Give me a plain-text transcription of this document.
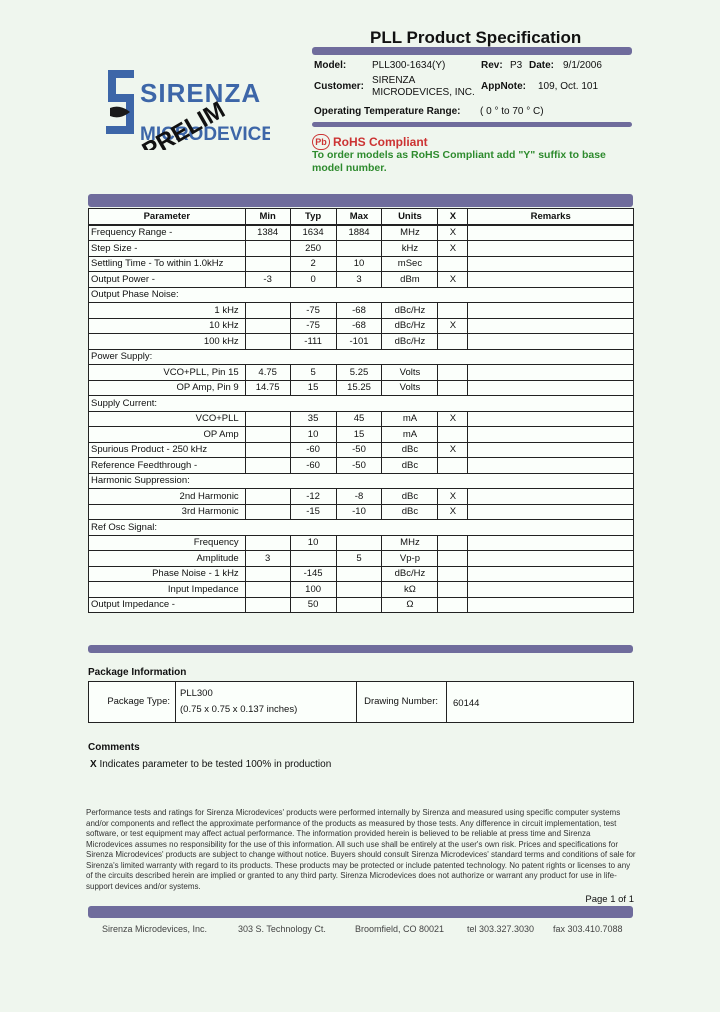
PLL Product Specification
SIRENZA
MICRODEVICE
PRELIM
Model:	PLL300-1634(Y)	Rev: P3 Date: 9/1/2006
Customer:
SIRENZA
MICRODEVICES, INC.
AppNote: 109, Oct. 101
Operating Temperature Range: ( 0 ° to 70 ° C)
Pb RoHS Compliant
To order models as RoHS Compliant add "Y" suffix to base model number.
Parameter	Min	Typ	Max	Units	X	Remarks
Frequency Range -	1384	1634	1884	MHz	X	
Step Size -		250		kHz	X	
Settling Time - To within 1.0kHz		2	10	mSec		
Output Power -	-3	0	3	dBm	X	
Output Phase Noise:						
1 kHz		-75	-68	dBc/Hz		
10 kHz		-75	-68	dBc/Hz	X	
100 kHz		-111	-101	dBc/Hz		
Power Supply:						
VCO+PLL, Pin 15	4.75	5	5.25	Volts		
OP Amp, Pin 9	14.75	15	15.25	Volts		
Supply Current:						
VCO+PLL		35	45	mA	X	
OP Amp		10	15	mA		
Spurious Product - 250 kHz		-60	-50	dBc	X	
Reference Feedthrough -		-60	-50	dBc		
Harmonic Suppression:						
2nd Harmonic		-12	-8	dBc	X	
3rd Harmonic		-15	-10	dBc	X	
Ref Osc Signal:						
Frequency		10		MHz		
Amplitude	3		5	Vp-p		
Phase Noise - 1 kHz		-145		dBc/Hz		
Input Impedance		100		kΩ		
Output Impedance -		50		Ω		
Package Information
Package Type:
PLL300
(0.75 x 0.75 x 0.137 inches)
Drawing Number: 60144
Comments
X Indicates parameter to be tested 100% in production
Performance tests and ratings for Sirenza Microdevices' products were performed internally by Sirenza and measured using specific computer systems and/or components and reflect the approximate performance of the products as measured by those tests. Any difference in circuit implementation, test software, or test equipment may affect actual performance. The information provided herein is believed to be reliable at press time and Sirenza Microdevices assumes no responsibility for the use of this information. All such use shall be entirely at the user's own risk. Prices and specifications for Sirenza Microdevices' products are subject to change without notice. Buyers should consult Sirenza Microdevices' standard terms and conditions of sale for Sirenza's limited warranty with regard to its products. These products may be protected or include patented technology. No patent rights or licenses to any of the circuits described herein are implied or granted to any third party. Sirenza Microdevices does not authorize or warrant any product for use in life-support devices and/or systems.
Page 1 of 1
Sirenza Microdevices, Inc.	303 S. Technology Ct.	Broomfield, CO 80021	tel 303.327.3030 fax 303.410.7088
